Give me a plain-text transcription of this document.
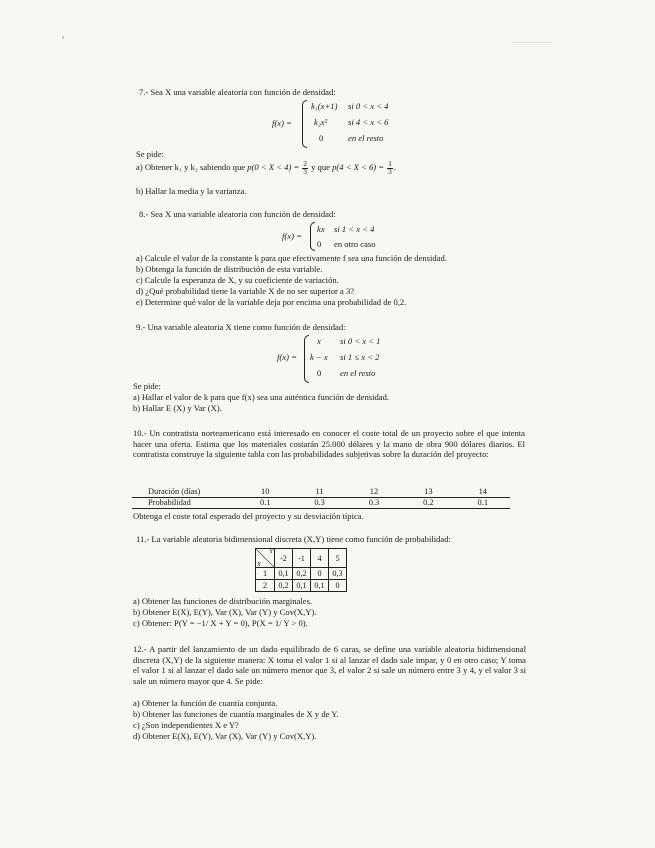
7.- Sea X una variable aleatoria con función de densidad:
f(x) =
k₁(x+1) si 0 < x < 4
k₂x² si 4 < x < 6
0	en el resto
Se pide:
a) Obtener k₁ y k₂ sabiendo que $p(0 < X < 4) = \frac{2}{3}$ y que $p(4 < X < 6) = \frac{1}{3}$ .
b) Hallar la media y la varianza.
8.- Sea X una variable aleatoria con función de densidad:
f(x) =
kx si 1 < x < 4
0 en otro caso
a) Calcule el valor de la constante k para que efectivamente f sea una función de densidad.
b) Obtenga la función de distribución de esta variable.
c) Calcule la esperanza de X, y su coeficiente de variación.
d) ¿Qué probabilidad tiene la variable X de no ser superior a 3?
e) Determine qué valor de la variable deja por encima una probabilidad de 0,2.
9.- Una variable aleatoria X tiene como función de densidad:
f(x) =
x si 0 < x < 1
k − x si 1 ≤ x < 2
0 en el resto
Se pide:
a) Hallar el valor de k para que f(x) sea una auténtica función de densidad.
b) Hallar E (X) y Var (X).

10.- Un contratista norteamericano está interesado en conocer el coste total de un proyecto sobre el que intenta hacer una oferta. Estima que los materiales costarán 25.000 dólares y la mano de obra 900 dólares diarios. El contratista construye la siguiente tabla con las probabilidades subjetivas sobre la duración del proyecto:

Duración (días)	10	11	12	13	14
Probabilidad	0.1	0.3	0.3	0.2	0.1
Obtenga el coste total esperado del proyecto y su desviación típica.
11.- La variable aleatoria bidimensional discreta (X,Y) tiene como función de probabilidad:
Y
X	-2	-1	4	5
1	0,1	0,2	0	0,3
2	0,2	0,1	0,1	0
a) Obtener las funciones de distribución marginales.
b) Obtener E(X), E(Y), Var (X), Var (Y) y Cov(X,Y).
c) Obtener: P(Y = −1/ X + Y = 0), P(X = 1/ Y > 0).

12.- A partir del lanzamiento de un dado equilibrado de 6 caras, se define una variable aleatoria bidimensional discreta (X,Y) de la siguiente manera: X toma el valor 1 si al lanzar el dado sale impar, y 0 en otro caso; Y toma el valor 1 si al lanzar el dado sale un número menor que 3, el valor 2 si sale un número entre 3 y 4, y el valor 3 si sale un número mayor que 4. Se pide:

a) Obtener la función de cuantía conjunta.
b) Obtener las funciones de cuantía marginales de X y de Y.
c) ¿Son independientes X e Y?
d) Obtener E(X), E(Y), Var (X), Var (Y) y Cov(X,Y).
